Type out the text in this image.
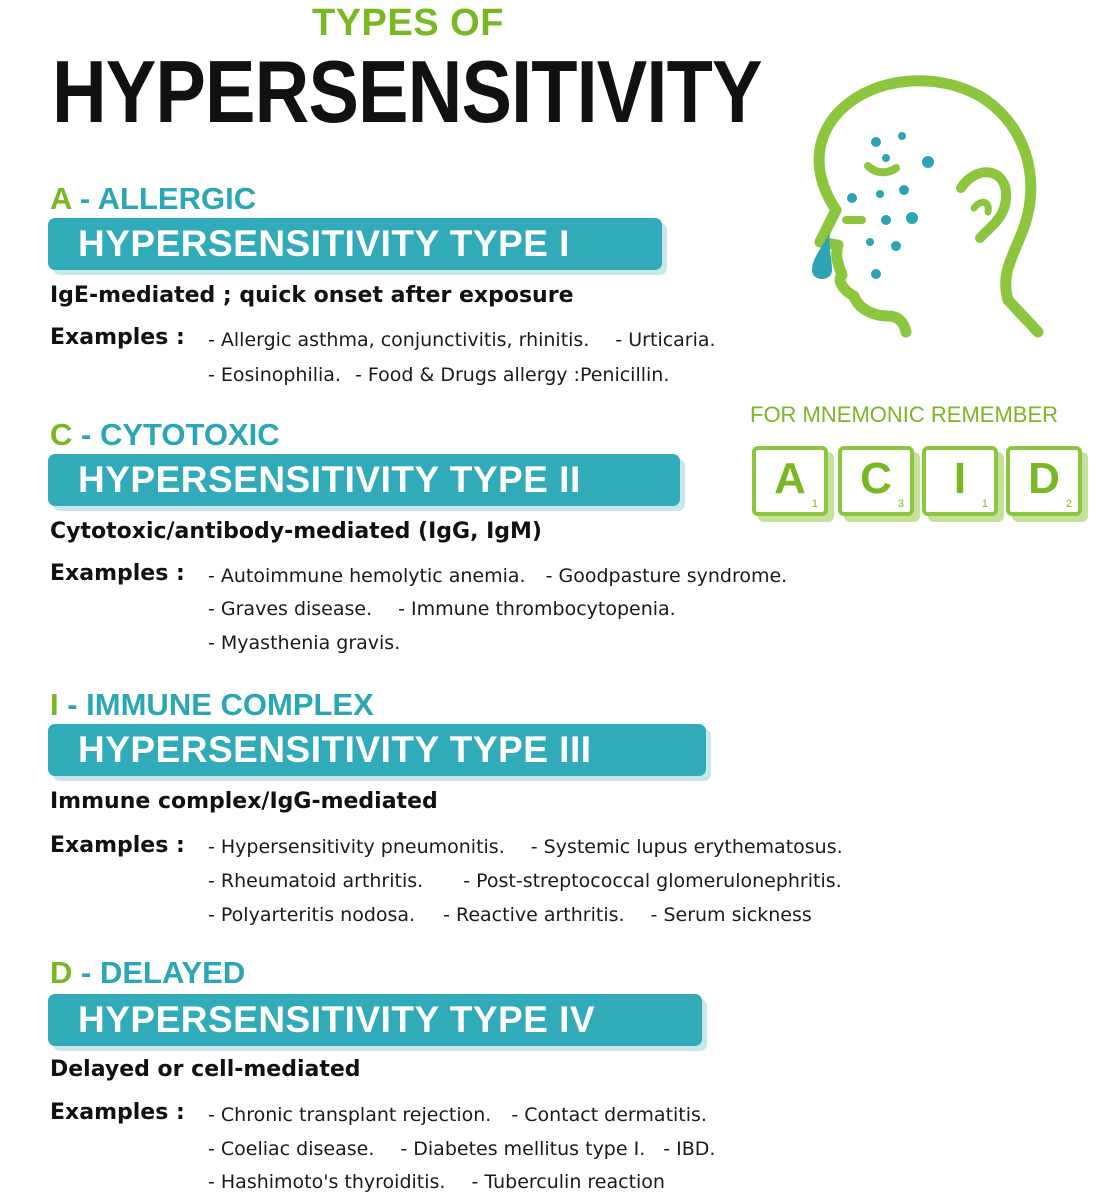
TYPES OF
HYPERSENSITIVITY
FOR MNEMONIC REMEMBER
A
1
C
3
I
1
D
2
A - ALLERGIC
HYPERSENSITIVITY TYPE I
IgE-mediated ; quick onset after exposure
Examples : - Allergic asthma, conjunctivitis, rhinitis. - Urticaria.
- Eosinophilia. - Food & Drugs allergy :Penicillin.
C - CYTOTOXIC
HYPERSENSITIVITY TYPE II
Cytotoxic/antibody-mediated (IgG, IgM)
Examples : - Autoimmune hemolytic anemia. - Goodpasture syndrome.
- Graves disease. - Immune thrombocytopenia.
- Myasthenia gravis.
I - IMMUNE COMPLEX
HYPERSENSITIVITY TYPE III
Immune complex/IgG-mediated
Examples : - Hypersensitivity pneumonitis. - Systemic lupus erythematosus.
- Rheumatoid arthritis. - Post-streptococcal glomerulonephritis.
- Polyarteritis nodosa. - Reactive arthritis. - Serum sickness
D - DELAYED
HYPERSENSITIVITY TYPE IV
Delayed or cell-mediated
Examples : - Chronic transplant rejection. - Contact dermatitis.
- Coeliac disease. - Diabetes mellitus type I. - IBD.
- Hashimoto's thyroiditis. - Tuberculin reaction
